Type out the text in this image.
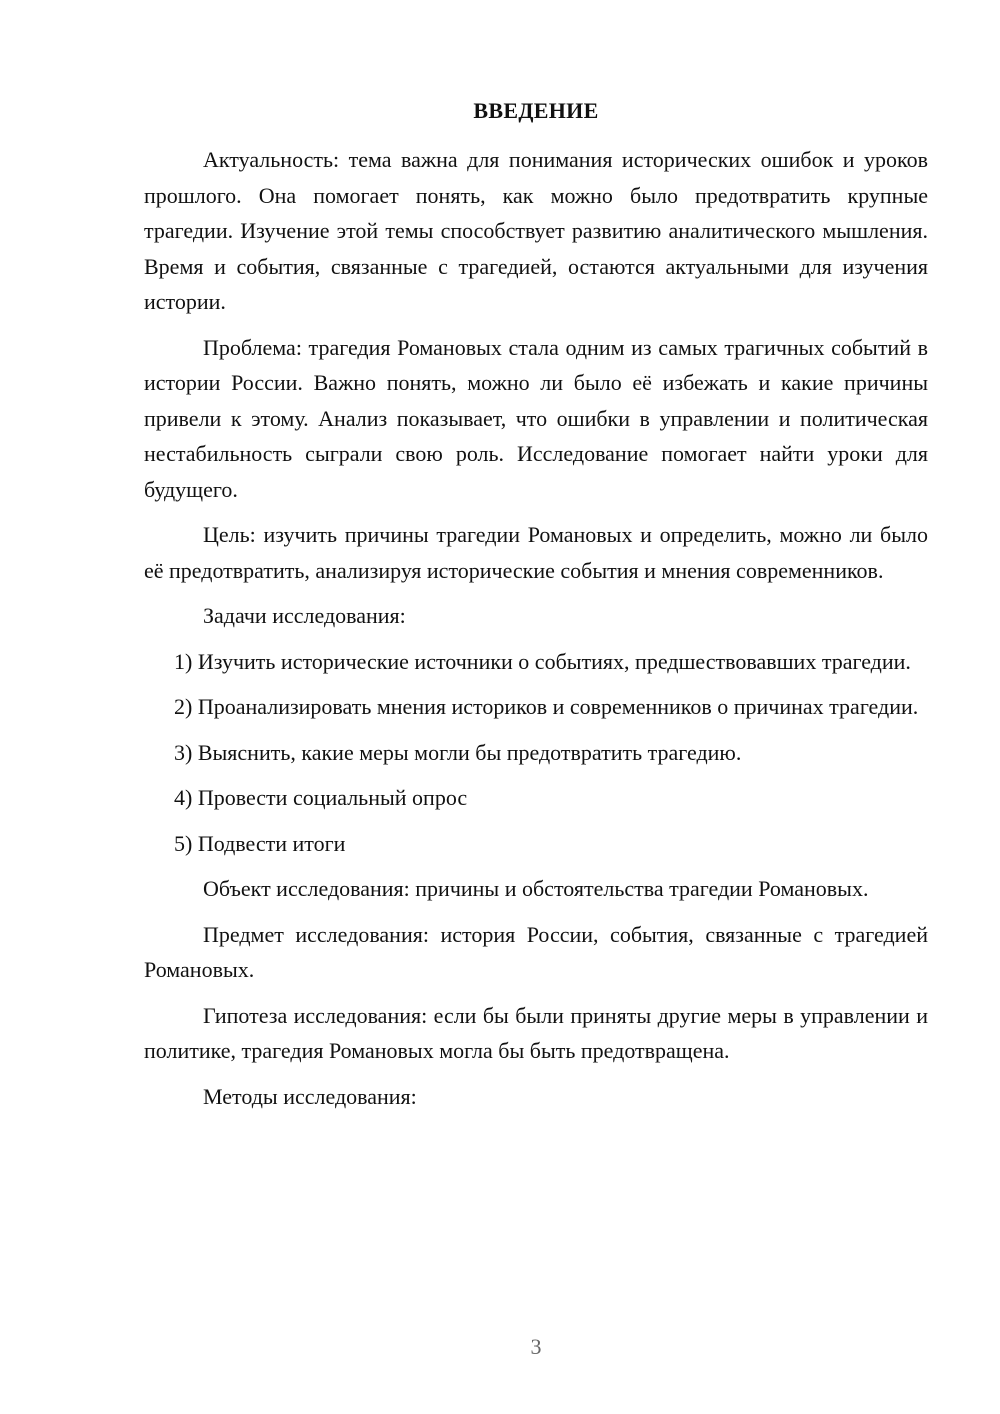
ВВЕДЕНИЕ

Актуальность: тема важна для понимания исторических ошибок и уроков прошлого. Она помогает понять, как можно было предотвратить крупные трагедии. Изучение этой темы способствует развитию аналитического мышления. Время и события, связанные с трагедией, остаются актуальными для изучения истории.

Проблема: трагедия Романовых стала одним из самых трагичных событий в истории России. Важно понять, можно ли было её избежать и какие причины привели к этому. Анализ показывает, что ошибки в управлении и политическая нестабильность сыграли свою роль. Исследование помогает найти уроки для будущего.

Цель: изучить причины трагедии Романовых и определить, можно ли было её предотвратить, анализируя исторические события и мнения современников.

Задачи исследования:

1) Изучить исторические источники о событиях, предшествовавших трагедии.

2) Проанализировать мнения историков и современников о причинах трагедии.

3) Выяснить, какие меры могли бы предотвратить трагедию.

4) Провести социальный опрос

5) Подвести итоги

Объект исследования: причины и обстоятельства трагедии Романовых.

Предмет исследования: история России, события, связанные с трагедией Романовых.

Гипотеза исследования: если бы были приняты другие меры в управлении и политике, трагедия Романовых могла бы быть предотвращена.

Методы исследования:

3
